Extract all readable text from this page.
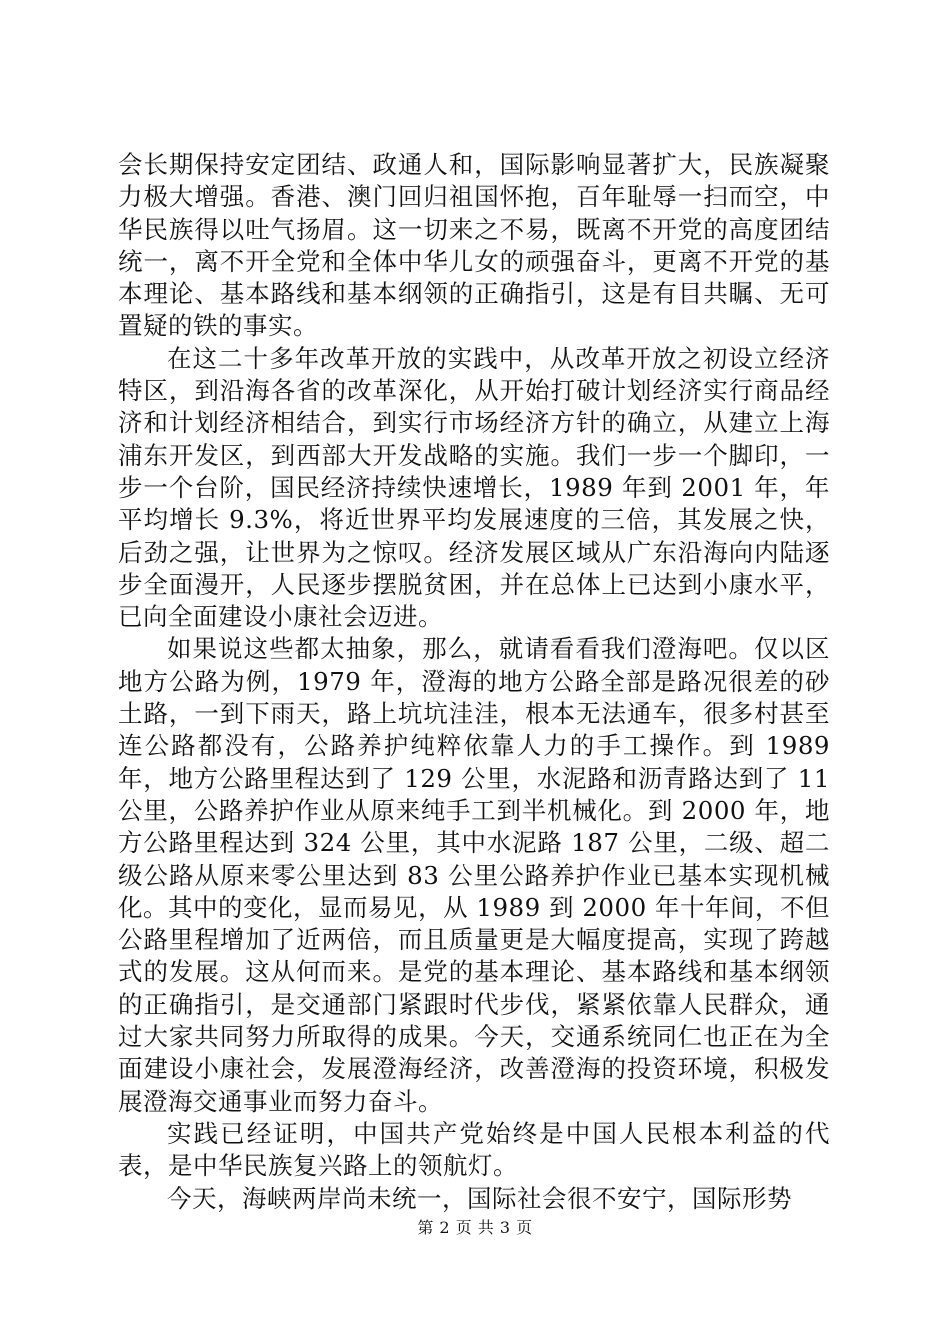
会长期保持安定团结、政通人和，国际影响显著扩大，民族凝聚力极大增强。香港、澳门回归祖国怀抱，百年耻辱一扫而空，中华民族得以吐气扬眉。这一切来之不易，既离不开党的高度团结统一，离不开全党和全体中华儿女的顽强奋斗，更离不开党的基本理论、基本路线和基本纲领的正确指引，这是有目共瞩、无可置疑的铁的事实。

在这二十多年改革开放的实践中，从改革开放之初设立经济特区，到沿海各省的改革深化，从开始打破计划经济实行商品经济和计划经济相结合，到实行市场经济方针的确立，从建立上海浦东开发区，到西部大开发战略的实施。我们一步一个脚印，一步一个台阶，国民经济持续快速增长，1989 年到 2001 年，年平均增长 9.3%，将近世界平均发展速度的三倍，其发展之快，后劲之强，让世界为之惊叹。经济发展区域从广东沿海向内陆逐步全面漫开，人民逐步摆脱贫困，并在总体上已达到小康水平，已向全面建设小康社会迈进。

如果说这些都太抽象，那么，就请看看我们澄海吧。仅以区地方公路为例，1979 年，澄海的地方公路全部是路况很差的砂土路，一到下雨天，路上坑坑洼洼，根本无法通车，很多村甚至连公路都没有，公路养护纯粹依靠人力的手工操作。到 1989 年，地方公路里程达到了 129 公里，水泥路和沥青路达到了 11 公里，公路养护作业从原来纯手工到半机械化。到 2000 年，地方公路里程达到 324 公里，其中水泥路 187 公里，二级、超二级公路从原来零公里达到 83 公里公路养护作业已基本实现机械化。其中的变化，显而易见，从 1989 到 2000 年十年间，不但公路里程增加了近两倍，而且质量更是大幅度提高，实现了跨越式的发展。这从何而来。是党的基本理论、基本路线和基本纲领的正确指引，是交通部门紧跟时代步伐，紧紧依靠人民群众，通过大家共同努力所取得的成果。今天，交通系统同仁也正在为全面建设小康社会，发展澄海经济，改善澄海的投资环境，积极发展澄海交通事业而努力奋斗。

实践已经证明，中国共产党始终是中国人民根本利益的代表，是中华民族复兴路上的领航灯。

今天，海峡两岸尚未统一，国际社会很不安宁，国际形势

第 2 页 共 3 页
